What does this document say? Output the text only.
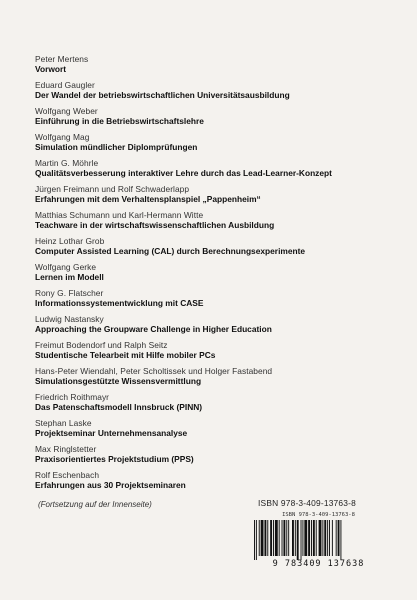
Peter Mertens
Vorwort
Eduard Gaugler
Der Wandel der betriebswirtschaftlichen Universitätsausbildung
Wolfgang Weber
Einführung in die Betriebswirtschaftslehre
Wolfgang Mag
Simulation mündlicher Diplomprüfungen
Martin G. Möhrle
Qualitätsverbesserung interaktiver Lehre durch das Lead-Learner-Konzept
Jürgen Freimann und Rolf Schwaderlapp
Erfahrungen mit dem Verhaltensplanspiel „Pappenheim“
Matthias Schumann und Karl-Hermann Witte
Teachware in der wirtschaftswissenschaftlichen Ausbildung
Heinz Lothar Grob
Computer Assisted Learning (CAL) durch Berechnungsexperimente
Wolfgang Gerke
Lernen im Modell
Rony G. Flatscher
Informationssystementwicklung mit CASE
Ludwig Nastansky
Approaching the Groupware Challenge in Higher Education
Freimut Bodendorf und Ralph Seitz
Studentische Telearbeit mit Hilfe mobiler PCs
Hans-Peter Wiendahl, Peter Scholtissek und Holger Fastabend
Simulationsgestützte Wissensvermittlung
Friedrich Roithmayr
Das Patenschaftsmodell Innsbruck (PINN)
Stephan Laske
Projektseminar Unternehmensanalyse
Max Ringlstetter
Praxisorientiertes Projektstudium (PPS)
Rolf Eschenbach
Erfahrungen aus 30 Projektseminaren
(Fortsetzung auf der Innenseite)	ISBN 978-3-409-13763-8
ISBN 978-3-409-13763-8
9 783409 137638
